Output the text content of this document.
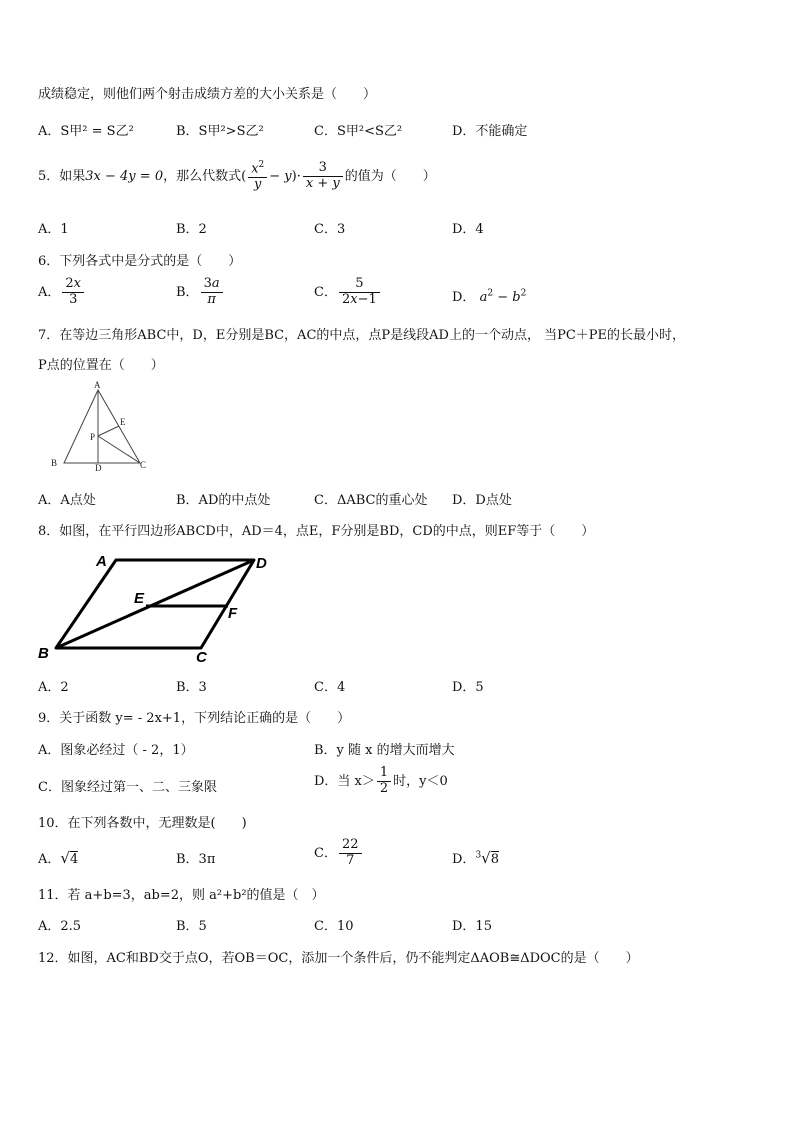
成绩稳定，则他们两个射击成绩方差的大小关系是（　　）
A．S甲² = S乙²	B．S甲²>S乙²	C．S甲²<S乙²	D．不能确定
5．如果3x − 4y = 0，那么代数式( $\frac{x^2}{y} - y)\cdot \frac{3}{x + y}$ 的值为（　　）
A．1	B．2	C．3	D．4
6．下列各式中是分式的是（　　）
A． $\frac{2x}{3}$	B． $\frac{3a}{\pi}$	C． $\frac{5}{2x-1}$	D． $a^2 - b^2$
7．在等边三角形ABC中，D，E分别是BC，AC的中点，点P是线段AD上的一个动点， 当PC＋PE的长最小时，
P点的位置在（　　）
A
B	C
D
E
P
A．A点处	B．AD的中点处	C．ΔABC的重心处 D．D点处
8．如图，在平行四边形ABCD中，AD＝4，点E，F分别是BD，CD的中点，则EF等于（　　）
A	D
E
F
B	C
A．2	B．3	C．4	D．5
9．关于函数 y= - 2x+1，下列结论正确的是（　　）
A．图象必经过（ - 2，1）	B．y 随 x 的增大而增大
C．图象经过第一、二、三象限	D．当 $x> \frac{1}{2}$ 时，y＜0
10．在下列各数中，无理数是(　　)
A．√4	B．3π	C． $\frac{22}{7}$	D．$^3$√8
11．若 a+b=3，ab=2，则 a²+b²的值是（　）
A．2.5	B．5	C．10	D．15
12．如图，AC和BD交于点O，若OB＝OC，添加一个条件后，仍不能判定ΔAOB≅ΔDOC的是（　　）
